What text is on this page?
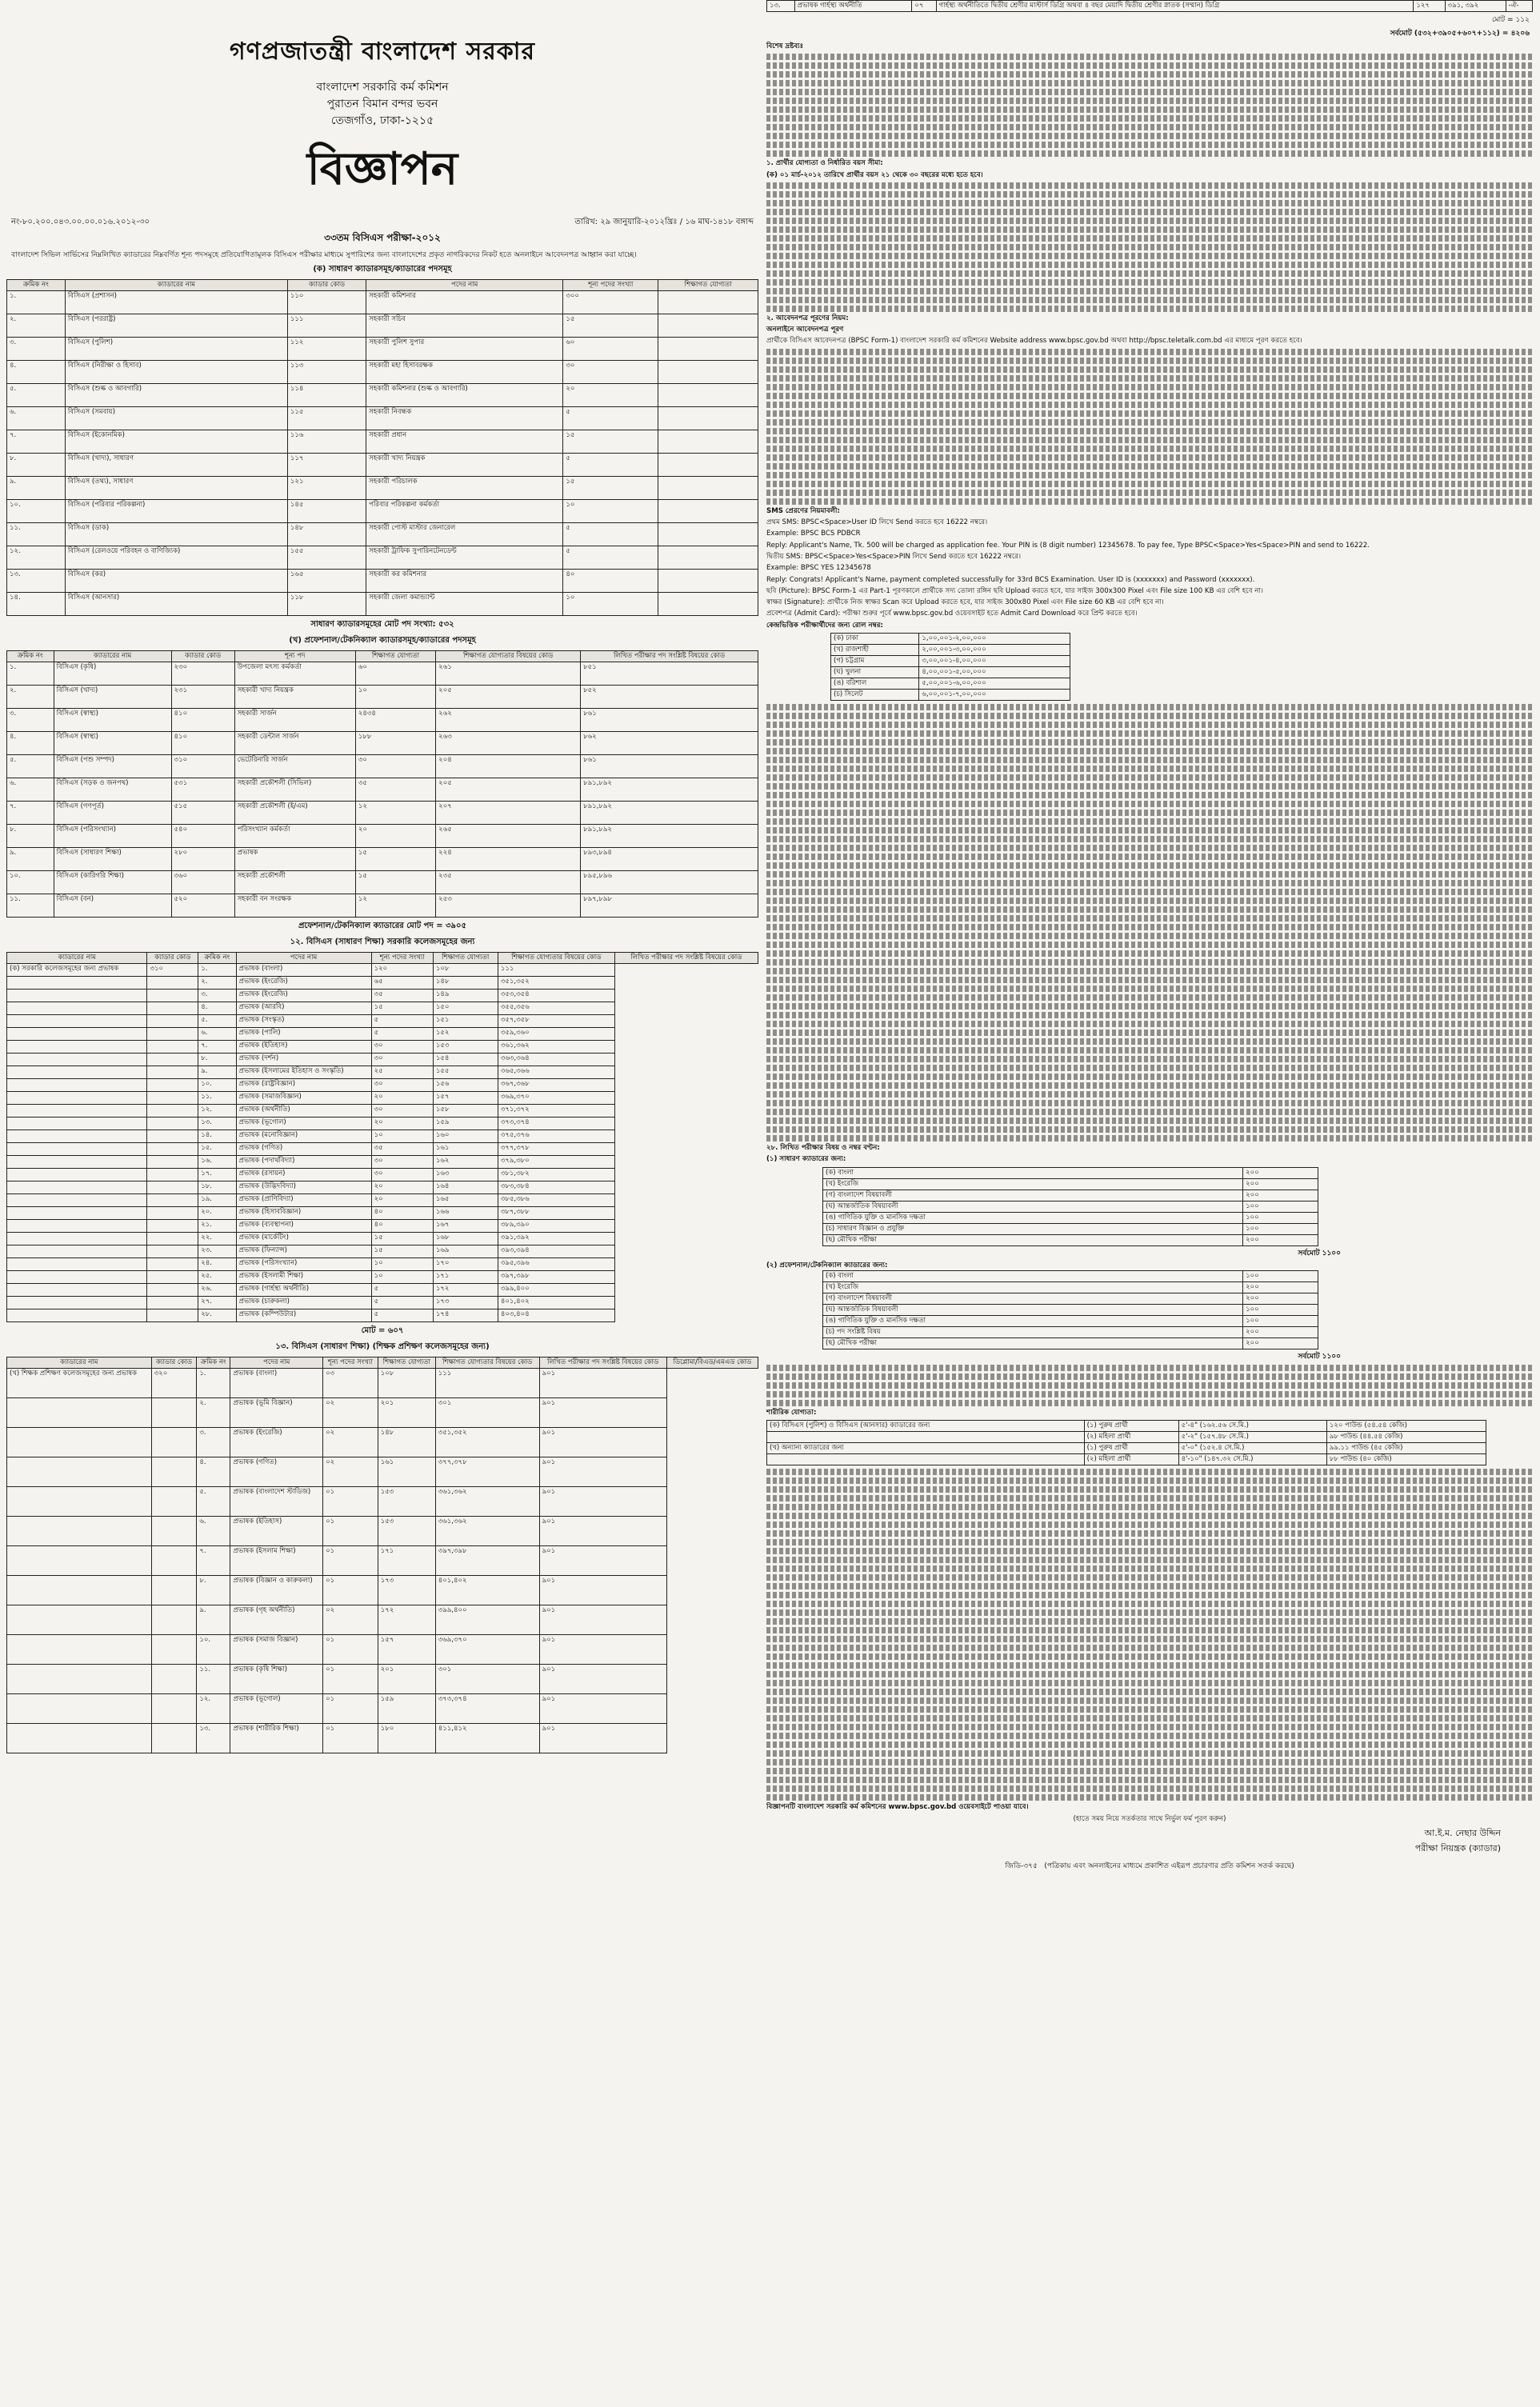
গণপ্রজাতন্ত্রী বাংলাদেশ সরকার
বাংলাদেশ সরকারি কর্ম কমিশন
পুরাতন বিমান বন্দর ভবন
তেজগাঁও, ঢাকা-১২১৫
বিজ্ঞাপন
নং-৮০.২০০.০৪৩.০০.০০.০১৬.২০১২-৩০	তারিখ: ২৯ জানুয়ারি-২০১২খ্রিঃ / ১৬ মাঘ-১৪১৮ বঙ্গাব্দ
৩৩তম বিসিএস পরীক্ষা-২০১২
বাংলাদেশ সিভিল সার্ভিসের নিম্নলিখিত ক্যাডারের নিম্নবর্ণিত শূন্য পদসমূহে প্রতিযোগিতামূলক বিসিএস পরীক্ষার মাধ্যমে সুপারিশের জন্য বাংলাদেশের প্রকৃত নাগরিকদের নিকট হতে অনলাইনে আবেদনপত্র আহ্বান করা যাচ্ছে।
(ক) সাধারণ ক্যাডারসমূহ/ক্যাডারের পদসমূহ
ক্রমিক নং	ক্যাডারের নাম	ক্যাডার কোড	পদের নাম	শূন্য পদের সংখ্যা	শিক্ষাগত যোগ্যতা
১.	বিসিএস (প্রশাসন)	১১০	সহকারী কমিশনার	৩০০	
২.	বিসিএস (পররাষ্ট্র)	১১১	সহকারী সচিব	১৫	
৩.	বিসিএস (পুলিশ)	১১২	সহকারী পুলিশ সুপার	৬০	
৪.	বিসিএস (নিরীক্ষা ও হিসাব)	১১৩	সহকারী মহা হিসাবরক্ষক	৩০	
৫.	বিসিএস (শুল্ক ও আবগারি)	১১৪	সহকারী কমিশনার (শুল্ক ও আবগারি)	২০	
৬.	বিসিএস (সমবায়)	১১৫	সহকারী নিবন্ধক	৫	
৭.	বিসিএস (ইকোনমিক)	১১৬	সহকারী প্রধান	১৫	
৮.	বিসিএস (খাদ্য), সাধারণ	১১৭	সহকারী খাদ্য নিয়ন্ত্রক	৫	
৯.	বিসিএস (তথ্য), সাধারণ	১২১	সহকারী পরিচালক	১৫	
১০.	বিসিএস (পরিবার পরিকল্পনা)	১৪৫	পরিবার পরিকল্পনা কর্মকর্তা	১০	
১১.	বিসিএস (ডাক)	১৪৮	সহকারী পোস্ট মাস্টার জেনারেল	৫	
১২.	বিসিএস (রেলওয়ে পরিবহন ও বাণিজ্যিক)	১৫৫	সহকারী ট্রাফিক সুপারিনটেনডেন্ট	৫	
১৩.	বিসিএস (কর)	১৬৫	সহকারী কর কমিশনার	৪০	
১৪.	বিসিএস (আনসার)	১১৮	সহকারী জেলা কমান্ড্যান্ট	১০	
সাধারণ ক্যাডারসমূহের মোট পদ সংখ্যা: ৫৩২
(খ) প্রফেশনাল/টেকনিক্যাল ক্যাডারসমূহ/ক্যাডারের পদসমূহ
ক্রমিক নং	ক্যাডারের নাম	ক্যাডার কোড	শূন্য পদ	শিক্ষাগত যোগ্যতা	শিক্ষাগত যোগ্যতার বিষয়ের কোড	লিখিত পরীক্ষার পদ সংশ্লিষ্ট বিষয়ের কোড
১.	বিসিএস (কৃষি)	২৩০	উপজেলা মৎস্য কর্মকর্তা	৬০	২৬১	৮৫১
২.	বিসিএস (খাদ্য)	২৩১	সহকারী খাদ্য নিয়ন্ত্রক	১০	২০৫	৮৫২
৩.	বিসিএস (স্বাস্থ্য)	৪১০	সহকারী সার্জন	২৪৩৪	২৬২	৮৬১
৪.	বিসিএস (স্বাস্থ্য)	৪১০	সহকারী ডেন্টাল সার্জন	১৮৮	২৬৩	৮৬২
৫.	বিসিএস (পশু সম্পদ)	৩১০	ভেটেরিনারি সার্জন	৩০	২০৪	৮৬১
৬.	বিসিএস (সড়ক ও জনপথ)	৫৩১	সহকারী প্রকৌশলী (সিভিল)	৩৫	২০৫	৮৯১,৮৯২
৭.	বিসিএস (গণপূর্ত)	৫১৫	সহকারী প্রকৌশলী (ই/এম)	১২	২০৭	৮৯১,৮৯২
৮.	বিসিএস (পরিসংখ্যান)	৫৪০	পরিসংখ্যান কর্মকর্তা	২০	২৬৫	৮৯১,৮৯২
৯.	বিসিএস (সাধারণ শিক্ষা)	২৮০	প্রভাষক	১৫	২২৪	৮৯৩,৮৯৪
১০.	বিসিএস (কারিগরি শিক্ষা)	৩৬০	সহকারী প্রকৌশলী	১৫	২৩৫	৮৯৫,৮৯৬
১১.	বিসিএস (বন)	৫২০	সহকারী বন সংরক্ষক	১২	২৫৩	৮৯৭,৮৯৮
প্রফেশনাল/টেকনিক্যাল ক্যাডারের মোট পদ = ৩৯০৫
১২. বিসিএস (সাধারণ শিক্ষা) সরকারি কলেজসমূহের জন্য
ক্যাডারের নাম	ক্যাডার কোড	ক্রমিক নং	পদের নাম	শূন্য পদের সংখ্যা	শিক্ষাগত যোগ্যতা	শিক্ষাগত যোগ্যতার বিষয়ের কোড	লিখিত পরীক্ষার পদ সংশ্লিষ্ট বিষয়ের কোড
(ক) সরকারি কলেজসমূহের জন্য প্রভাষক	৩১০	১.	প্রভাষক (বাংলা)	১২০	১০৮	১১১	
		২.	প্রভাষক (ইংরেজি)	৬৫	১৪৮	৩৫১,৩৫২	
		৩.	প্রভাষক (ইংরেজি)	৩৫	১৪৯	৩৫৩,৩৫৪	
		৪.	প্রভাষক (আরবি)	১৫	১৫০	৩৫৫,৩৫৬	
		৫.	প্রভাষক (সংস্কৃত)	৫	১৫১	৩৫৭,৩৫৮	
		৬.	প্রভাষক (পালি)	৫	১৫২	৩৫৯,৩৬০	
		৭.	প্রভাষক (ইতিহাস)	৩০	১৫৩	৩৬১,৩৬২	
		৮.	প্রভাষক (দর্শন)	৩০	১৫৪	৩৬৩,৩৬৪	
		৯.	প্রভাষক (ইসলামের ইতিহাস ও সংস্কৃতি)	২৫	১৫৫	৩৬৫,৩৬৬	
		১০.	প্রভাষক (রাষ্ট্রবিজ্ঞান)	৩০	১৫৬	৩৬৭,৩৬৮	
		১১.	প্রভাষক (সমাজবিজ্ঞান)	২০	১৫৭	৩৬৯,৩৭০	
		১২.	প্রভাষক (অর্থনীতি)	৩০	১৫৮	৩৭১,৩৭২	
		১৩.	প্রভাষক (ভূগোল)	২০	১৫৯	৩৭৩,৩৭৪	
		১৪.	প্রভাষক (মনোবিজ্ঞান)	১০	১৬০	৩৭৫,৩৭৬	
		১৫.	প্রভাষক (গণিত)	৩৫	১৬১	৩৭৭,৩৭৮	
		১৬.	প্রভাষক (পদার্থবিদ্যা)	৩০	১৬২	৩৭৯,৩৮০	
		১৭.	প্রভাষক (রসায়ন)	৩০	১৬৩	৩৮১,৩৮২	
		১৮.	প্রভাষক (উদ্ভিদবিদ্যা)	২০	১৬৪	৩৮৩,৩৮৪	
		১৯.	প্রভাষক (প্রাণিবিদ্যা)	২০	১৬৫	৩৮৫,৩৮৬	
		২০.	প্রভাষক (হিসাববিজ্ঞান)	৪০	১৬৬	৩৮৭,৩৮৮	
		২১.	প্রভাষক (ব্যবস্থাপনা)	৪০	১৬৭	৩৮৯,৩৯০	
		২২.	প্রভাষক (মার্কেটিং)	১৫	১৬৮	৩৯১,৩৯২	
		২৩.	প্রভাষক (ফিন্যান্স)	১৫	১৬৯	৩৯৩,৩৯৪	
		২৪.	প্রভাষক (পরিসংখ্যান)	১০	১৭০	৩৯৫,৩৯৬	
		২৫.	প্রভাষক (ইসলামী শিক্ষা)	১০	১৭১	৩৯৭,৩৯৮	
		২৬.	প্রভাষক (গার্হস্থ্য অর্থনীতি)	৫	১৭২	৩৯৯,৪০০	
		২৭.	প্রভাষক (চারুকলা)	৫	১৭৩	৪০১,৪০২	
		২৮.	প্রভাষক (কম্পিউটার)	৫	১৭৪	৪০৩,৪০৪	
মোট = ৬০৭
১৩. বিসিএস (সাধারণ শিক্ষা) (শিক্ষক প্রশিক্ষণ কলেজসমূহের জন্য)
ক্যাডারের নাম	ক্যাডার কোড	ক্রমিক নং	পদের নাম	শূন্য পদের সংখ্যা	শিক্ষাগত যোগ্যতা	শিক্ষাগত যোগ্যতার বিষয়ের কোড	লিখিত পরীক্ষার পদ সংশ্লিষ্ট বিষয়ের কোড	ডিপ্লোমা/বিএড/এমএড কোড
(খ) শিক্ষক প্রশিক্ষণ কলেজসমূহের জন্য প্রভাষক	৩২০	১.	প্রভাষক (বাংলা)	০৩	১০৮	১১১	৯০১	
		২.	প্রভাষক (ভূমি বিজ্ঞান)	০২	২০১	৩০১	৯০১	
		৩.	প্রভাষক (ইংরেজি)	০২	১৪৮	৩৫১,৩৫২	৯০১	
		৪.	প্রভাষক (গণিত)	০২	১৬১	৩৭৭,৩৭৮	৯০১	
		৫.	প্রভাষক (বাংলাদেশ স্টাডিজ)	০১	১৫৩	৩৬১,৩৬২	৯০১	
		৬.	প্রভাষক (ইতিহাস)	০১	১৫৩	৩৬১,৩৬২	৯০১	
		৭.	প্রভাষক (ইসলাম শিক্ষা)	০১	১৭১	৩৯৭,৩৯৮	৯০১	
		৮.	প্রভাষক (বিজ্ঞান ও কারুকলা)	০১	১৭৩	৪০১,৪০২	৯০১	
		৯.	প্রভাষক (গৃহ অর্থনীতি)	০২	১৭২	৩৯৯,৪০০	৯০১	
		১০.	প্রভাষক (সমাজ বিজ্ঞান)	০১	১৫৭	৩৬৯,৩৭০	৯০১	
		১১.	প্রভাষক (কৃষি শিক্ষা)	০১	২০১	৩০১	৯০১	
		১২.	প্রভাষক (ভূগোল)	০১	১৫৯	৩৭৩,৩৭৪	৯০১	
		১৩.	প্রভাষক (শারীরিক শিক্ষা)	০১	১৮০	৪১১,৪১২	৯০১	
১৩.	প্রভাষক গার্হস্থ্য অর্থনীতি	০৭	গার্হস্থ্য অর্থনীতিতে দ্বিতীয় শ্রেণীর মাস্টার্স ডিগ্রি অথবা ৪ বছর মেয়াদি দ্বিতীয় শ্রেণীর স্নাতক (সম্মান) ডিগ্রি	১২৭	৩৯১, ৩৯২	-ঐ-
মোট = ১১২
সর্বমোট (৫৩২+৩৯০৫+৬০৭+১১২) = ৪২০৬

বিশেষ দ্রষ্টব্যঃ

১. প্রার্থীর যোগ্যতা ও নির্ধারিত বয়স সীমা:

(ক) ০১ মার্চ-২০১২ তারিখে প্রার্থীর বয়স ২১ থেকে ৩০ বছরের মধ্যে হতে হবে।

২. আবেদনপত্র পূরণের নিয়ম:

অনলাইনে আবেদনপত্র পূরণ

প্রার্থীকে বিসিএস আবেদনপত্র (BPSC Form-1) বাংলাদেশ সরকারি কর্ম কমিশনের Website address www.bpsc.gov.bd অথবা http://bpsc.teletalk.com.bd এর মাধ্যমে পূরণ করতে হবে।

SMS প্রেরণের নিয়মাবলী:

প্রথম SMS: BPSC<Space>User ID লিখে Send করতে হবে 16222 নম্বরে।

Example: BPSC BCS PDBCR

Reply: Applicant's Name, Tk. 500 will be charged as application fee. Your PIN is (8 digit number) 12345678. To pay fee, Type BPSC<Space>Yes<Space>PIN and send to 16222.

দ্বিতীয় SMS: BPSC<Space>Yes<Space>PIN লিখে Send করতে হবে 16222 নম্বরে।

Example: BPSC YES 12345678

Reply: Congrats! Applicant's Name, payment completed successfully for 33rd BCS Examination. User ID is (xxxxxxx) and Password (xxxxxxx).

ছবি (Picture): BPSC Form-1 এর Part-1 পূরণকালে প্রার্থীকে সদ্য তোলা রঙ্গিন ছবি Upload করতে হবে, যার সাইজ 300x300 Pixel এবং File size 100 KB এর বেশি হবে না।

স্বাক্ষর (Signature): প্রার্থীকে নিজ স্বাক্ষর Scan করে Upload করতে হবে, যার সাইজ 300x80 Pixel এবং File size 60 KB এর বেশি হবে না।

প্রবেশপত্র (Admit Card): পরীক্ষা শুরুর পূর্বে www.bpsc.gov.bd ওয়েবসাইট হতে Admit Card Download করে প্রিন্ট করতে হবে।

কেন্দ্রভিত্তিক পরীক্ষার্থীদের জন্য রোল নম্বর:

(ক) ঢাকা	১,০০,০০১-২,০০,০০০
(খ) রাজশাহী	২,০০,০০১-৩,০০,০০০
(গ) চট্টগ্রাম	৩,০০,০০১-৪,০০,০০০
(ঘ) খুলনা	৪,০০,০০১-৫,০০,০০০
(ঙ) বরিশাল	৫,০০,০০১-৬,০০,০০০
(চ) সিলেট	৬,০০,০০১-৭,০০,০০০

২৮. লিখিত পরীক্ষার বিষয় ও নম্বর বণ্টন:

(১) সাধারণ ক্যাডারের জন্য:

(ক) বাংলা	২০০
(খ) ইংরেজি	২০০
(গ) বাংলাদেশ বিষয়াবলী	২০০
(ঘ) আন্তর্জাতিক বিষয়াবলী	১০০
(ঙ) গাণিতিক যুক্তি ও মানসিক দক্ষতা	১০০
(চ) সাধারণ বিজ্ঞান ও প্রযুক্তি	১০০
(ছ) মৌখিক পরীক্ষা	২০০
সর্বমোট ১১০০
(২) প্রফেশনাল/টেকনিক্যাল ক্যাডারের জন্য:
(ক) বাংলা	১০০
(খ) ইংরেজি	২০০
(গ) বাংলাদেশ বিষয়াবলী	২০০
(ঘ) আন্তর্জাতিক বিষয়াবলী	১০০
(ঙ) গাণিতিক যুক্তি ও মানসিক দক্ষতা	১০০
(চ) পদ সংশ্লিষ্ট বিষয়	২০০
(ছ) মৌখিক পরীক্ষা	২০০
সর্বমোট ১১০০

শারীরিক যোগ্যতা:

(ক) বিসিএস (পুলিশ) ও বিসিএস (আনসার) ক্যাডারের জন্য	(১) পুরুষ প্রার্থী	৫'-৪" (১৬২.৫৬ সে.মি.)	১২০ পাউন্ড (৫৪.৫৪ কেজি)
	(২) মহিলা প্রার্থী	৫'-২" (১৫৭.৪৮ সে.মি.)	৯৮ পাউন্ড (৪৪.৫৪ কেজি)
(খ) অন্যান্য ক্যাডারের জন্য	(১) পুরুষ প্রার্থী	৫'-০" (১৫২.৪ সে.মি.)	৯৯.১১ পাউন্ড (৪৫ কেজি)
	(২) মহিলা প্রার্থী	৪'-১০" (১৪৭.৩২ সে.মি.)	৮৮ পাউন্ড (৪০ কেজি)

বিজ্ঞাপনটি বাংলাদেশ সরকারি কর্ম কমিশনের www.bpsc.gov.bd ওয়েবসাইটে পাওয়া যাবে।

(হাতে সময় নিয়ে সতর্কতার সাথে নির্ভুল ফর্ম পূরণ করুন)

আ.ই.ম. নেছার উদ্দিন
পরীক্ষা নিয়ন্ত্রক (ক্যাডার)
জিডি-৩৭৫ (পত্রিকায় এবং অনলাইনের মাধ্যমে প্রকাশিত এইরূপ প্রচারণার প্রতি কমিশন সতর্ক করছে)
